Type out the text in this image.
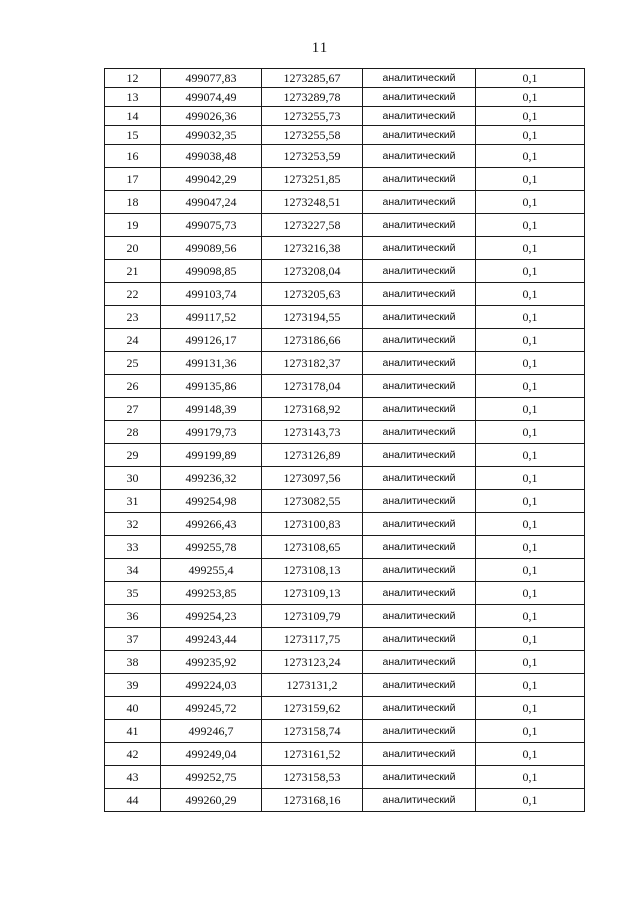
11
12	499077,83	1273285,67	аналитический	0,1
13	499074,49	1273289,78	аналитический	0,1
14	499026,36	1273255,73	аналитический	0,1
15	499032,35	1273255,58	аналитический	0,1
16	499038,48	1273253,59	аналитический	0,1
17	499042,29	1273251,85	аналитический	0,1
18	499047,24	1273248,51	аналитический	0,1
19	499075,73	1273227,58	аналитический	0,1
20	499089,56	1273216,38	аналитический	0,1
21	499098,85	1273208,04	аналитический	0,1
22	499103,74	1273205,63	аналитический	0,1
23	499117,52	1273194,55	аналитический	0,1
24	499126,17	1273186,66	аналитический	0,1
25	499131,36	1273182,37	аналитический	0,1
26	499135,86	1273178,04	аналитический	0,1
27	499148,39	1273168,92	аналитический	0,1
28	499179,73	1273143,73	аналитический	0,1
29	499199,89	1273126,89	аналитический	0,1
30	499236,32	1273097,56	аналитический	0,1
31	499254,98	1273082,55	аналитический	0,1
32	499266,43	1273100,83	аналитический	0,1
33	499255,78	1273108,65	аналитический	0,1
34	499255,4	1273108,13	аналитический	0,1
35	499253,85	1273109,13	аналитический	0,1
36	499254,23	1273109,79	аналитический	0,1
37	499243,44	1273117,75	аналитический	0,1
38	499235,92	1273123,24	аналитический	0,1
39	499224,03	1273131,2	аналитический	0,1
40	499245,72	1273159,62	аналитический	0,1
41	499246,7	1273158,74	аналитический	0,1
42	499249,04	1273161,52	аналитический	0,1
43	499252,75	1273158,53	аналитический	0,1
44	499260,29	1273168,16	аналитический	0,1
